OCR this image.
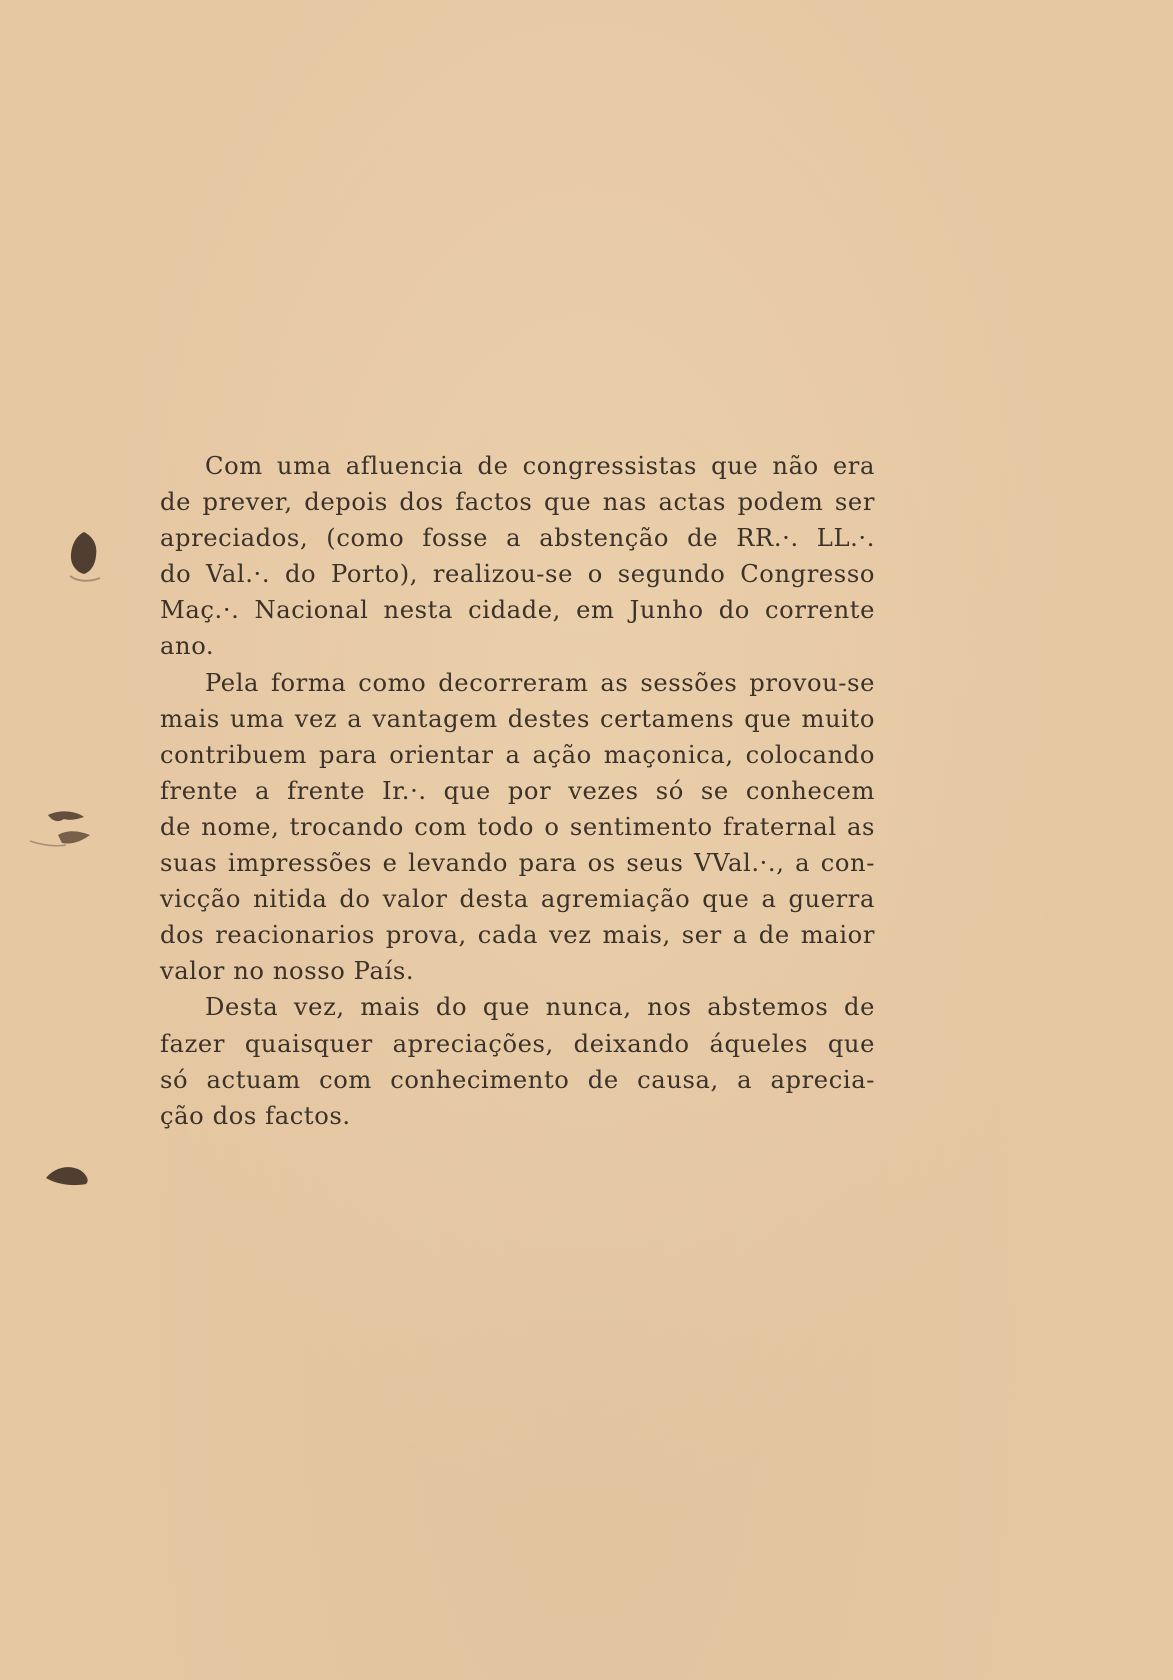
Com uma afluencia de congressistas que não era
de prever, depois dos factos que nas actas podem ser
apreciados, (como fosse a abstenção de RR.·. LL.·.
do Val.·. do Porto), realizou-se o segundo Congresso
Maç.·. Nacional nesta cidade, em Junho do corrente
ano.

Pela forma como decorreram as sessões provou-se
mais uma vez a vantagem destes certamens que muito
contribuem para orientar a ação maçonica, colocando
frente a frente Ir.·. que por vezes só se conhecem
de nome, trocando com todo o sentimento fraternal as
suas impressões e levando para os seus VVal.·., a con-
vicção nitida do valor desta agremiação que a guerra
dos reacionarios prova, cada vez mais, ser a de maior
valor no nosso País.

Desta vez, mais do que nunca, nos abstemos de
fazer quaisquer apreciações, deixando áqueles que
só actuam com conhecimento de causa, a aprecia-
ção dos factos.
